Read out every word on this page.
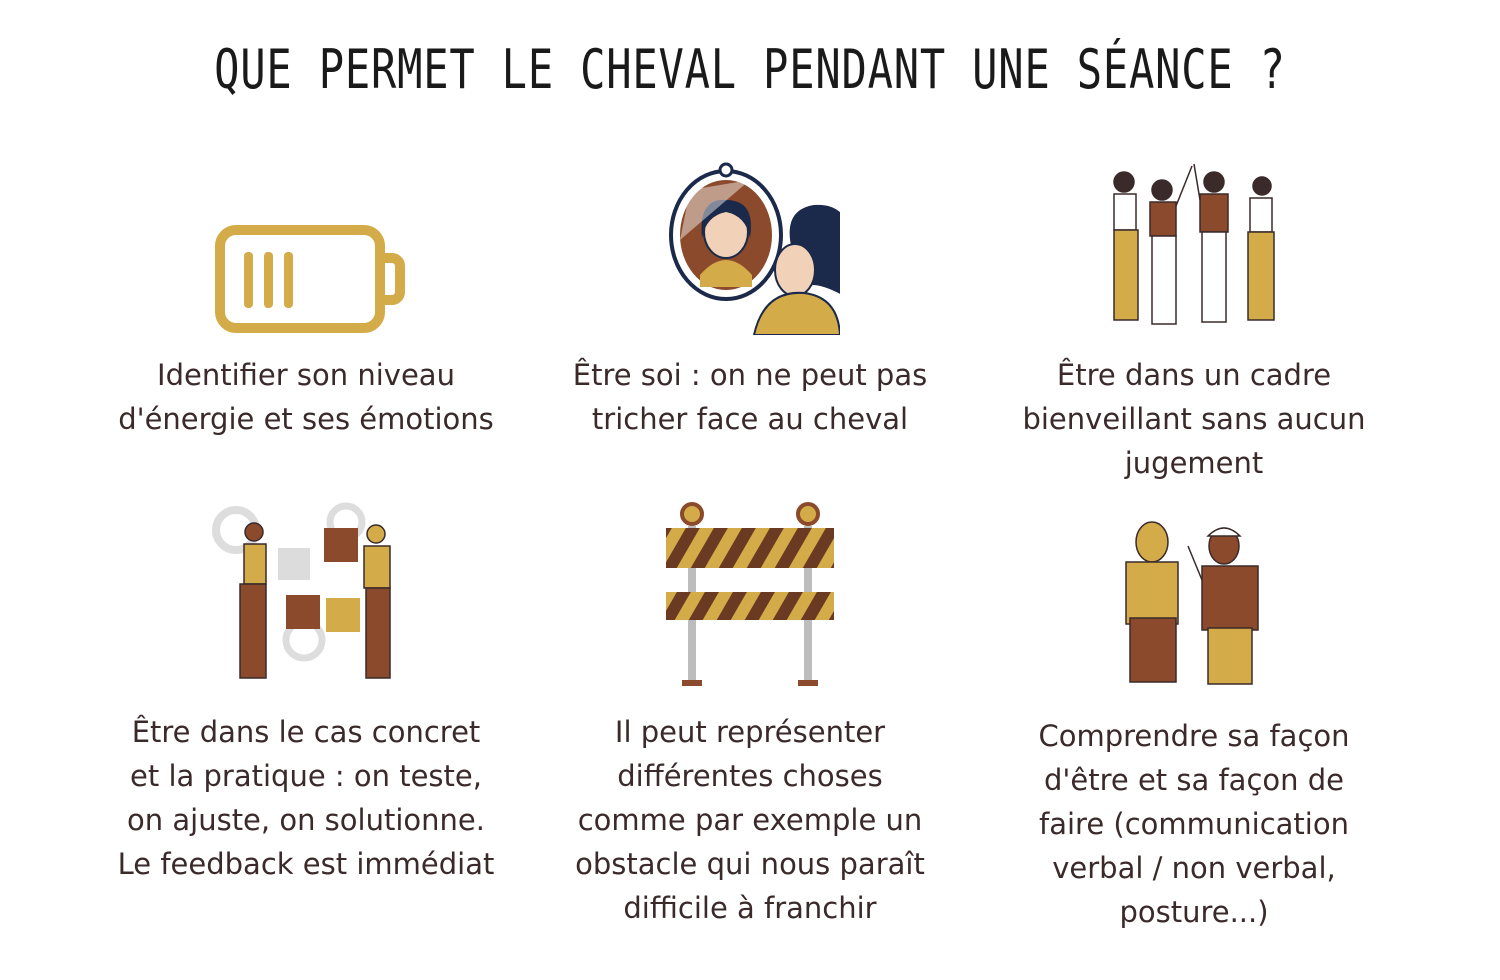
QUE PERMET LE CHEVAL PENDANT UNE SÉANCE ?
Identifier son niveau
d'énergie et ses émotions
Être soi : on ne peut pas
tricher face au cheval
Être dans un cadre
bienveillant sans aucun
jugement
Être dans le cas concret
et la pratique : on teste,
on ajuste, on solutionne.
Le feedback est immédiat
Il peut représenter
différentes choses
comme par exemple un
obstacle qui nous paraît
difficile à franchir
Comprendre sa façon
d'être et sa façon de
faire (communication
verbal / non verbal,
posture...)
